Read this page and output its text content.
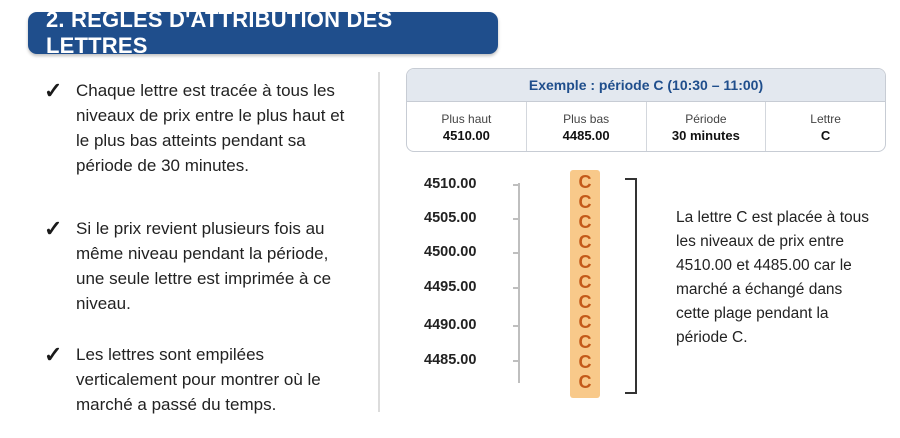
2. RÈGLES D'ATTRIBUTION DES LETTRES
✓ Chaque lettre est tracée à tous les niveaux de prix entre le plus haut et le plus bas atteints pendant sa période de 30 minutes.
✓ Si le prix revient plusieurs fois au même niveau pendant la période, une seule lettre est imprimée à ce niveau.
✓ Les lettres sont empilées verticalement pour montrer où le marché a passé du temps.
Exemple : période C (10:30 – 11:00)
Plus haut
4510.00
Plus bas
4485.00
Période
30 minutes
Lettre
C
4510.00
4505.00
4500.00
4495.00
4490.00
4485.00
C
C
C
C
C
C
C
C
C
C
C
La lettre C est placée à tous les niveaux de prix entre 4510.00 et 4485.00 car le marché a échangé dans cette plage pendant la période C.
